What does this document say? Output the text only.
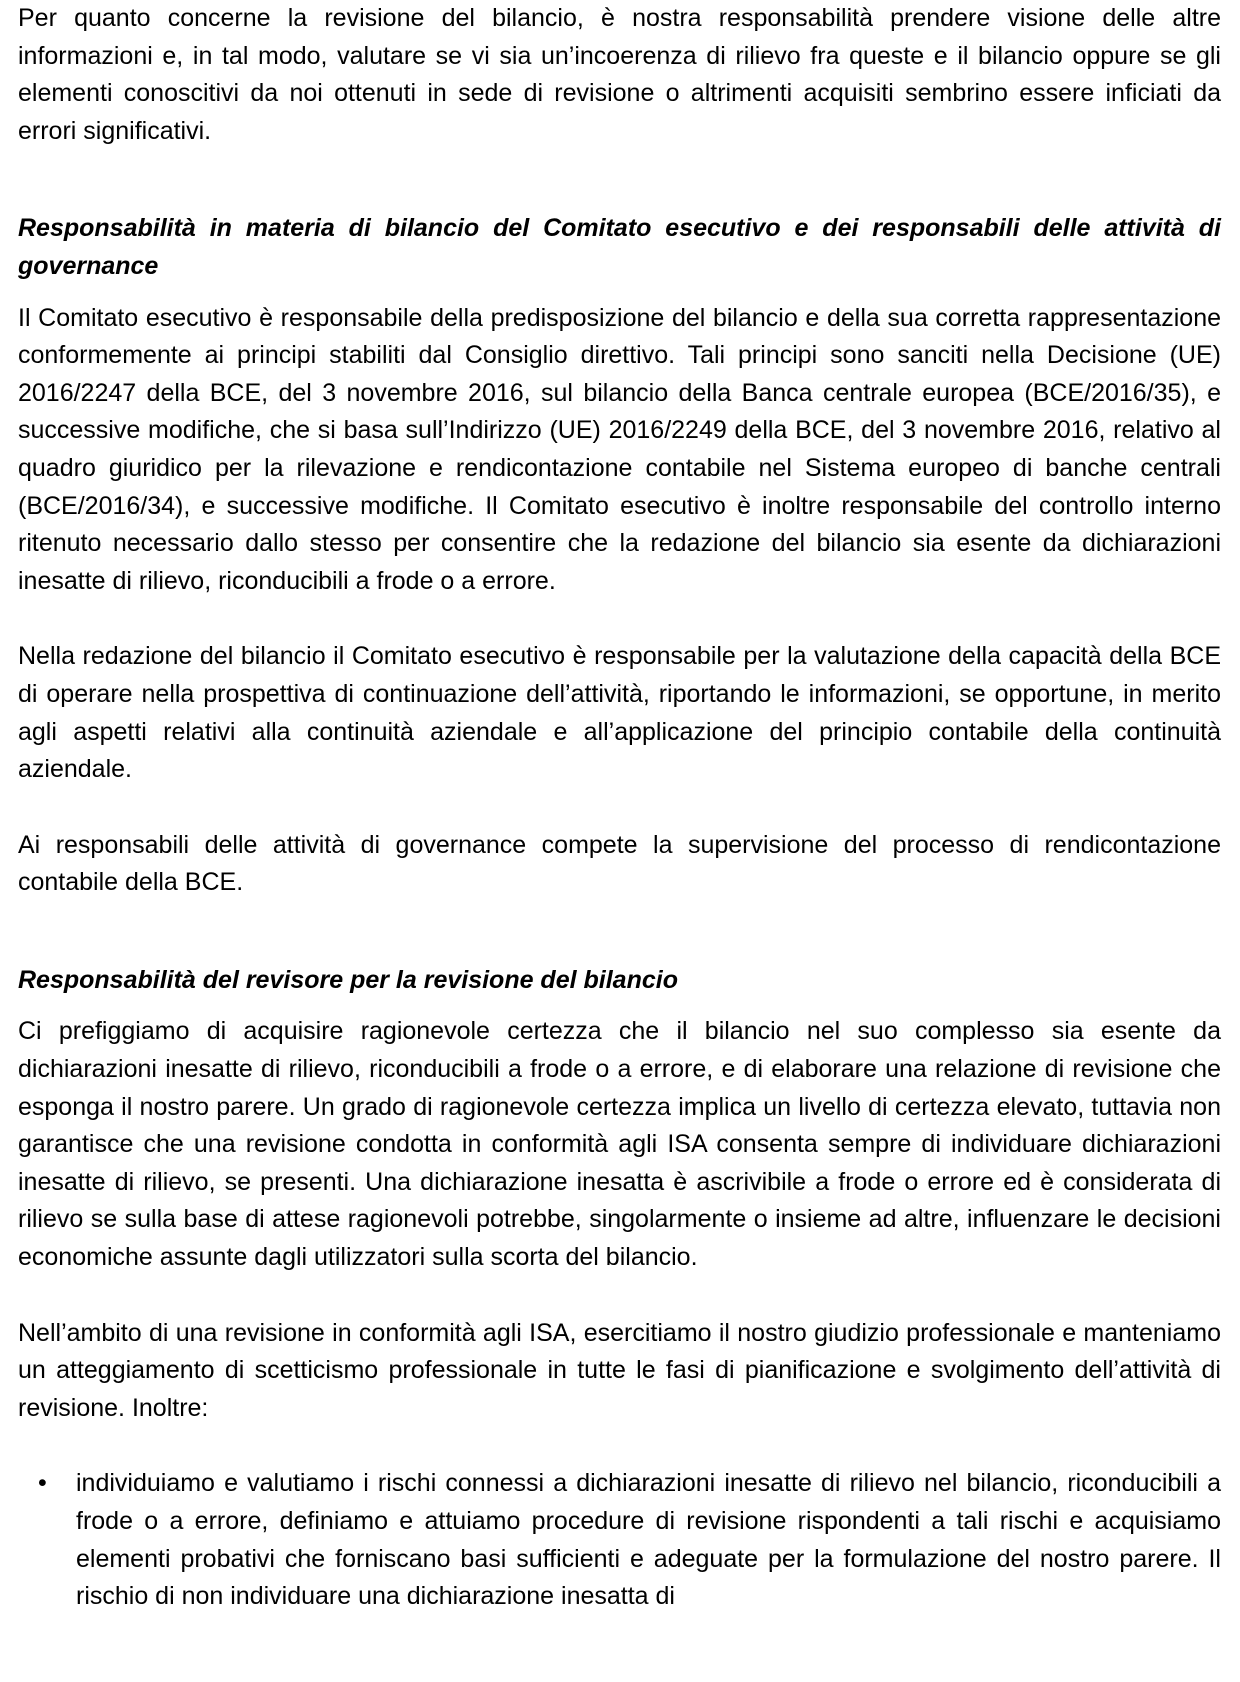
Per quanto concerne la revisione del bilancio, è nostra responsabilità prendere visione delle altre informazioni e, in tal modo, valutare se vi sia un’incoerenza di rilievo fra queste e il bilancio oppure se gli elementi conoscitivi da noi ottenuti in sede di revisione o altrimenti acquisiti sembrino essere inficiati da errori significativi.

Responsabilità in materia di bilancio del Comitato esecutivo e dei responsabili delle attività di governance

Il Comitato esecutivo è responsabile della predisposizione del bilancio e della sua corretta rappresentazione conformemente ai principi stabiliti dal Consiglio direttivo. Tali principi sono sanciti nella Decisione (UE) 2016/2247 della BCE, del 3 novembre 2016, sul bilancio della Banca centrale europea (BCE/2016/35), e successive modifiche, che si basa sull’Indirizzo (UE) 2016/2249 della BCE, del 3 novembre 2016, relativo al quadro giuridico per la rilevazione e rendicontazione contabile nel Sistema europeo di banche centrali (BCE/2016/34), e successive modifiche. Il Comitato esecutivo è inoltre responsabile del controllo interno ritenuto necessario dallo stesso per consentire che la redazione del bilancio sia esente da dichiarazioni inesatte di rilievo, riconducibili a frode o a errore.

Nella redazione del bilancio il Comitato esecutivo è responsabile per la valutazione della capacità della BCE di operare nella prospettiva di continuazione dell’attività, riportando le informazioni, se opportune, in merito agli aspetti relativi alla continuità aziendale e all’applicazione del principio contabile della continuità aziendale.

Ai responsabili delle attività di governance compete la supervisione del processo di rendicontazione contabile della BCE.

Responsabilità del revisore per la revisione del bilancio

Ci prefiggiamo di acquisire ragionevole certezza che il bilancio nel suo complesso sia esente da dichiarazioni inesatte di rilievo, riconducibili a frode o a errore, e di elaborare una relazione di revisione che esponga il nostro parere. Un grado di ragionevole certezza implica un livello di certezza elevato, tuttavia non garantisce che una revisione condotta in conformità agli ISA consenta sempre di individuare dichiarazioni inesatte di rilievo, se presenti. Una dichiarazione inesatta è ascrivibile a frode o errore ed è considerata di rilievo se sulla base di attese ragionevoli potrebbe, singolarmente o insieme ad altre, influenzare le decisioni economiche assunte dagli utilizzatori sulla scorta del bilancio.

Nell’ambito di una revisione in conformità agli ISA, esercitiamo il nostro giudizio professionale e manteniamo un atteggiamento di scetticismo professionale in tutte le fasi di pianificazione e svolgimento dell’attività di revisione. Inoltre:

• individuiamo e valutiamo i rischi connessi a dichiarazioni inesatte di rilievo nel bilancio, riconducibili a frode o a errore, definiamo e attuiamo procedure di revisione rispondenti a tali rischi e acquisiamo elementi probativi che forniscano basi sufficienti e adeguate per la formulazione del nostro parere. Il rischio di non individuare una dichiarazione inesatta di
